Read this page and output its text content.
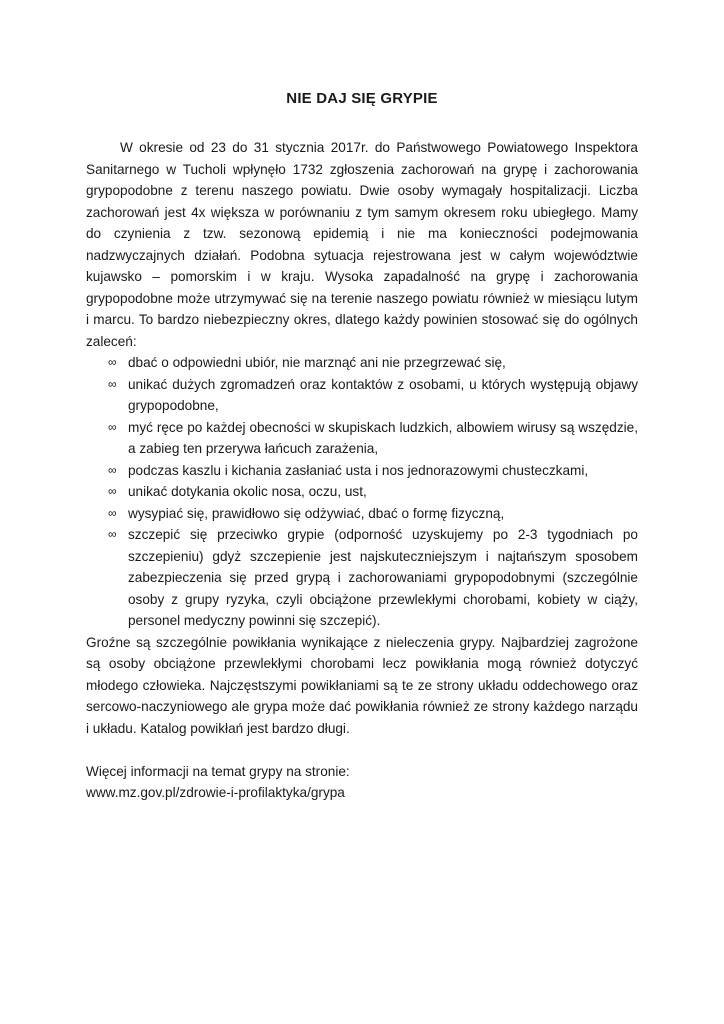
NIE DAJ SIĘ GRYPIE

W okresie od 23 do 31 stycznia 2017r. do Państwowego Powiatowego Inspektora Sanitarnego w Tucholi wpłynęło 1732 zgłoszenia zachorowań na grypę i zachorowania grypopodobne z terenu naszego powiatu. Dwie osoby wymagały hospitalizacji. Liczba zachorowań jest 4x większa w porównaniu z tym samym okresem roku ubiegłego. Mamy do czynienia z tzw. sezonową epidemią i nie ma konieczności podejmowania nadzwyczajnych działań. Podobna sytuacja rejestrowana jest w całym województwie kujawsko – pomorskim i w kraju. Wysoka zapadalność na grypę i zachorowania grypopodobne może utrzymywać się na terenie naszego powiatu również w miesiącu lutym i marcu. To bardzo niebezpieczny okres, dlatego każdy powinien stosować się do ogólnych zaleceń:

∞ dbać o odpowiedni ubiór, nie marznąć ani nie przegrzewać się,
∞ unikać dużych zgromadzeń oraz kontaktów z osobami, u których występują objawy grypopodobne,
∞ myć ręce po każdej obecności w skupiskach ludzkich, albowiem wirusy są wszędzie, a zabieg ten przerywa łańcuch zarażenia,
∞ podczas kaszlu i kichania zasłaniać usta i nos jednorazowymi chusteczkami,
∞ unikać dotykania okolic nosa, oczu, ust,
∞ wysypiać się, prawidłowo się odżywiać, dbać o formę fizyczną,
∞ szczepić się przeciwko grypie (odporność uzyskujemy po 2-3 tygodniach po szczepieniu) gdyż szczepienie jest najskuteczniejszym i najtańszym sposobem zabezpieczenia się przed grypą i zachorowaniami grypopodobnymi (szczególnie osoby z grupy ryzyka, czyli obciążone przewlekłymi chorobami, kobiety w ciąży, personel medyczny powinni się szczepić).

Groźne są szczególnie powikłania wynikające z nieleczenia grypy. Najbardziej zagrożone są osoby obciążone przewlekłymi chorobami lecz powikłania mogą również dotyczyć młodego człowieka. Najczęstszymi powikłaniami są te ze strony układu oddechowego oraz sercowo-naczyniowego ale grypa może dać powikłania również ze strony każdego narządu i układu. Katalog powikłań jest bardzo długi.

Więcej informacji na temat grypy na stronie:

www.mz.gov.pl/zdrowie-i-profilaktyka/grypa
